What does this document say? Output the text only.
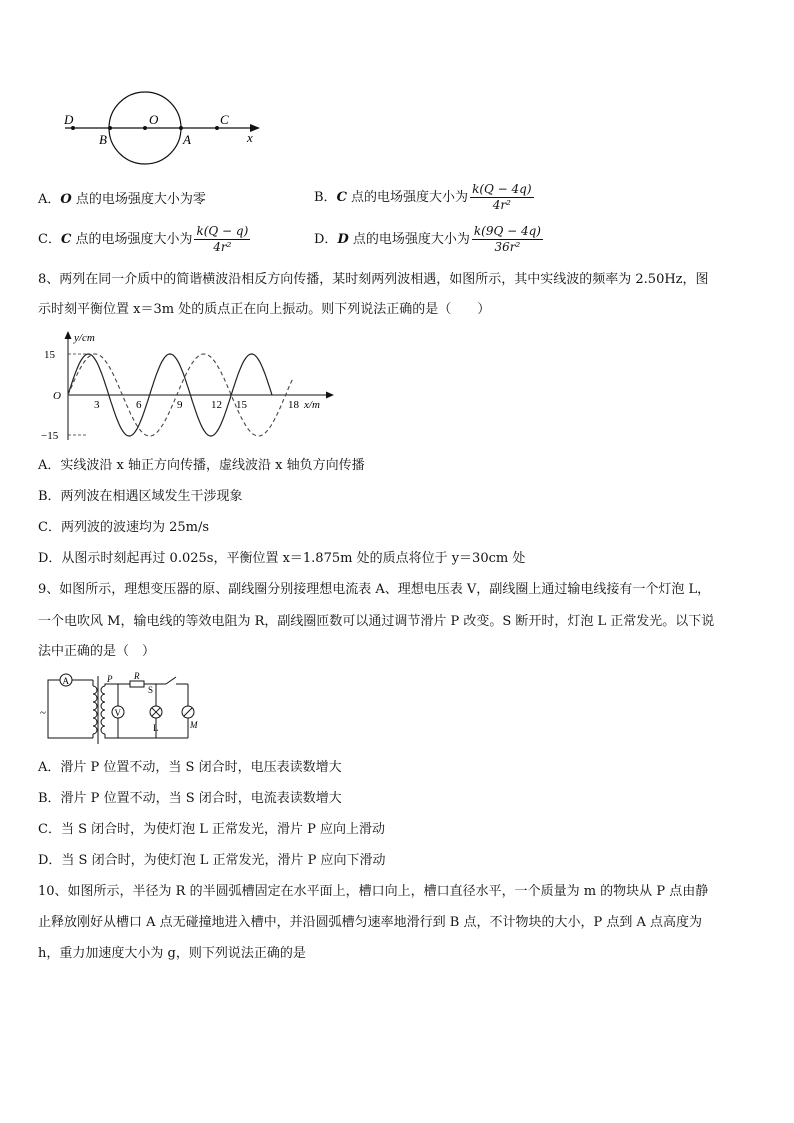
D
B
O
A
C
x
A．O 点的电场强度大小为零	B．C 点的电场强度大小为 $\frac{k(Q - 4q)}{\text{4r²}}$
C．C 点的电场强度大小为 $\frac{k(Q - q)}{\text{4r²}}$	D．D 点的电场强度大小为 $\frac{k(9Q - 4q)}{\text{36r²}}$
8、两列在同一介质中的简谐横波沿相反方向传播，某时刻两列波相遇，如图所示，其中实线波的频率为 2.50Hz，图
示时刻平衡位置 x＝3m 处的质点正在向上振动。则下列说法正确的是（　　）
y/cm
15
−15
O
3	6	9	12 15	18 x/m
A．实线波沿 x 轴正方向传播，虚线波沿 x 轴负方向传播
B．两列波在相遇区域发生干涉现象
C．两列波的波速均为 25m/s
D．从图示时刻起再过 0.025s，平衡位置 x＝1.875m 处的质点将位于 y＝30cm 处
9、如图所示，理想变压器的原、副线圈分别接理想电流表 A、理想电压表 V，副线圈上通过输电线接有一个灯泡 L，
一个电吹风 M，输电线的等效电阻为 R，副线圈匝数可以通过调节滑片 P 改变。S 断开时，灯泡 L 正常发光。以下说
法中正确的是（　）
A
~
P R
S
V
L	M
A．滑片 P 位置不动，当 S 闭合时，电压表读数增大
B．滑片 P 位置不动，当 S 闭合时，电流表读数增大
C．当 S 闭合时，为使灯泡 L 正常发光，滑片 P 应向上滑动
D．当 S 闭合时，为使灯泡 L 正常发光，滑片 P 应向下滑动
10、如图所示，半径为 R 的半圆弧槽固定在水平面上，槽口向上，槽口直径水平，一个质量为 m 的物块从 P 点由静
止释放刚好从槽口 A 点无碰撞地进入槽中，并沿圆弧槽匀速率地滑行到 B 点，不计物块的大小，P 点到 A 点高度为
h，重力加速度大小为 g，则下列说法正确的是
